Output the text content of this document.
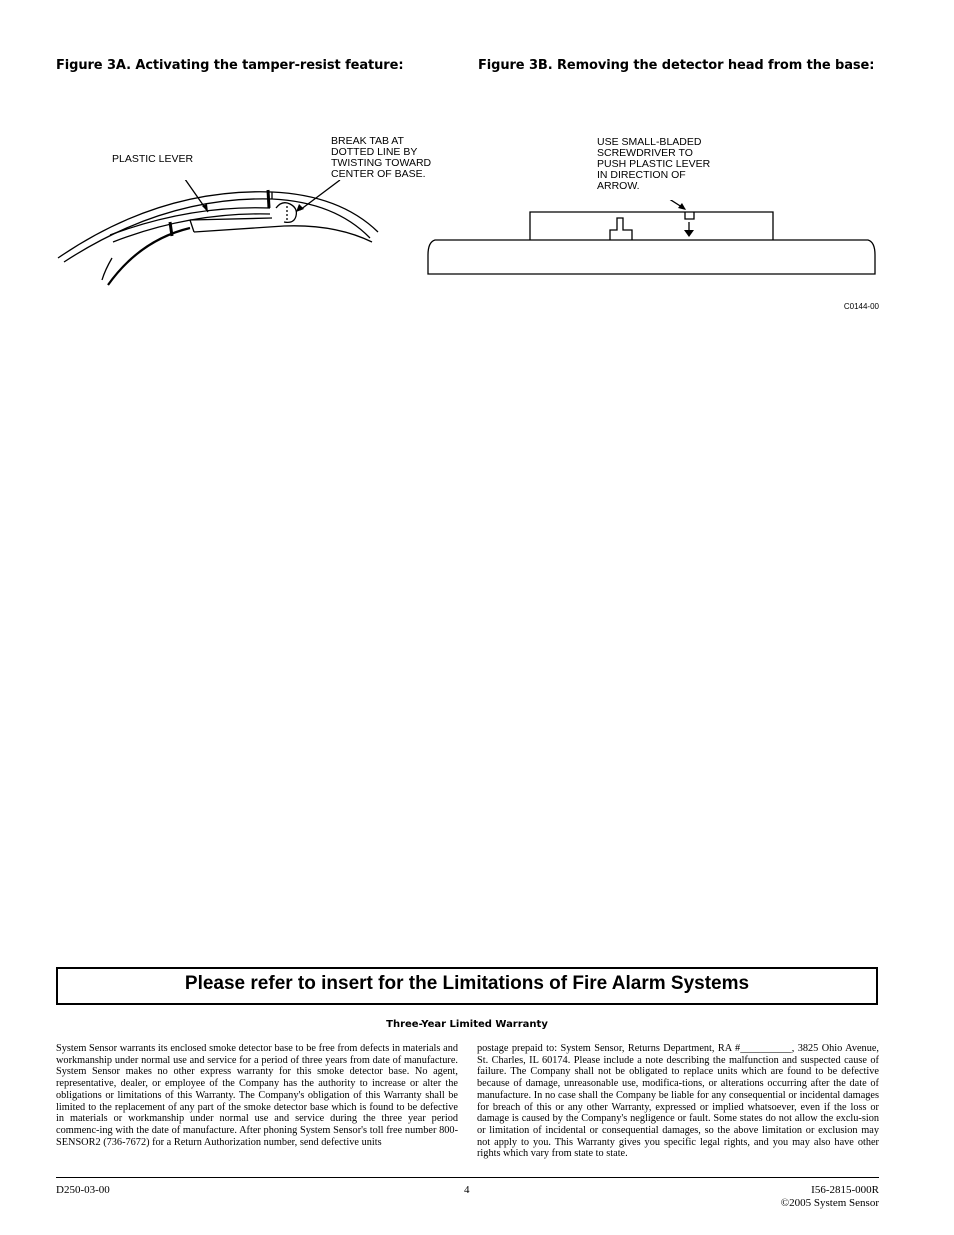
Figure 3A. Activating the tamper-resist feature:	Figure 3B. Removing the detector head from the base:
PLASTIC LEVER
BREAK TAB AT
DOTTED LINE BY
TWISTING TOWARD
CENTER OF BASE.
USE SMALL-BLADED
SCREWDRIVER TO
PUSH PLASTIC LEVER
IN DIRECTION OF
ARROW.
C0144-00
Please refer to insert for the Limitations of Fire Alarm Systems
Three-Year Limited Warranty
System Sensor warrants its enclosed smoke detector base to be free from defects in materials and workmanship under normal use and service for a period of three years from date of manufacture. System Sensor makes no other express warranty for this smoke detector base. No agent, representative, dealer, or employee of the Company has the authority to increase or alter the obligations or limitations of this Warranty. The Company's obligation of this Warranty shall be limited to the replacement of any part of the smoke detector base which is found to be defective in materials or workmanship under normal use and service during the three year period commenc-ing with the date of manufacture. After phoning System Sensor's toll free number 800-SENSOR2 (736-7672) for a Return Authorization number, send defective units
postage prepaid to: System Sensor, Returns Department, RA #__________, 3825 Ohio Avenue, St. Charles, IL 60174. Please include a note describing the malfunction and suspected cause of failure. The Company shall not be obligated to replace units which are found to be defective because of damage, unreasonable use, modifica-tions, or alterations occurring after the date of manufacture. In no case shall the Company be liable for any consequential or incidental damages for breach of this or any other Warranty, expressed or implied whatsoever, even if the loss or damage is caused by the Company's negligence or fault. Some states do not allow the exclu-sion or limitation of incidental or consequential damages, so the above limitation or exclusion may not apply to you. This Warranty gives you specific legal rights, and you may also have other rights which vary from state to state.
D250-03-00	4	I56-2815-000R
©2005 System Sensor
